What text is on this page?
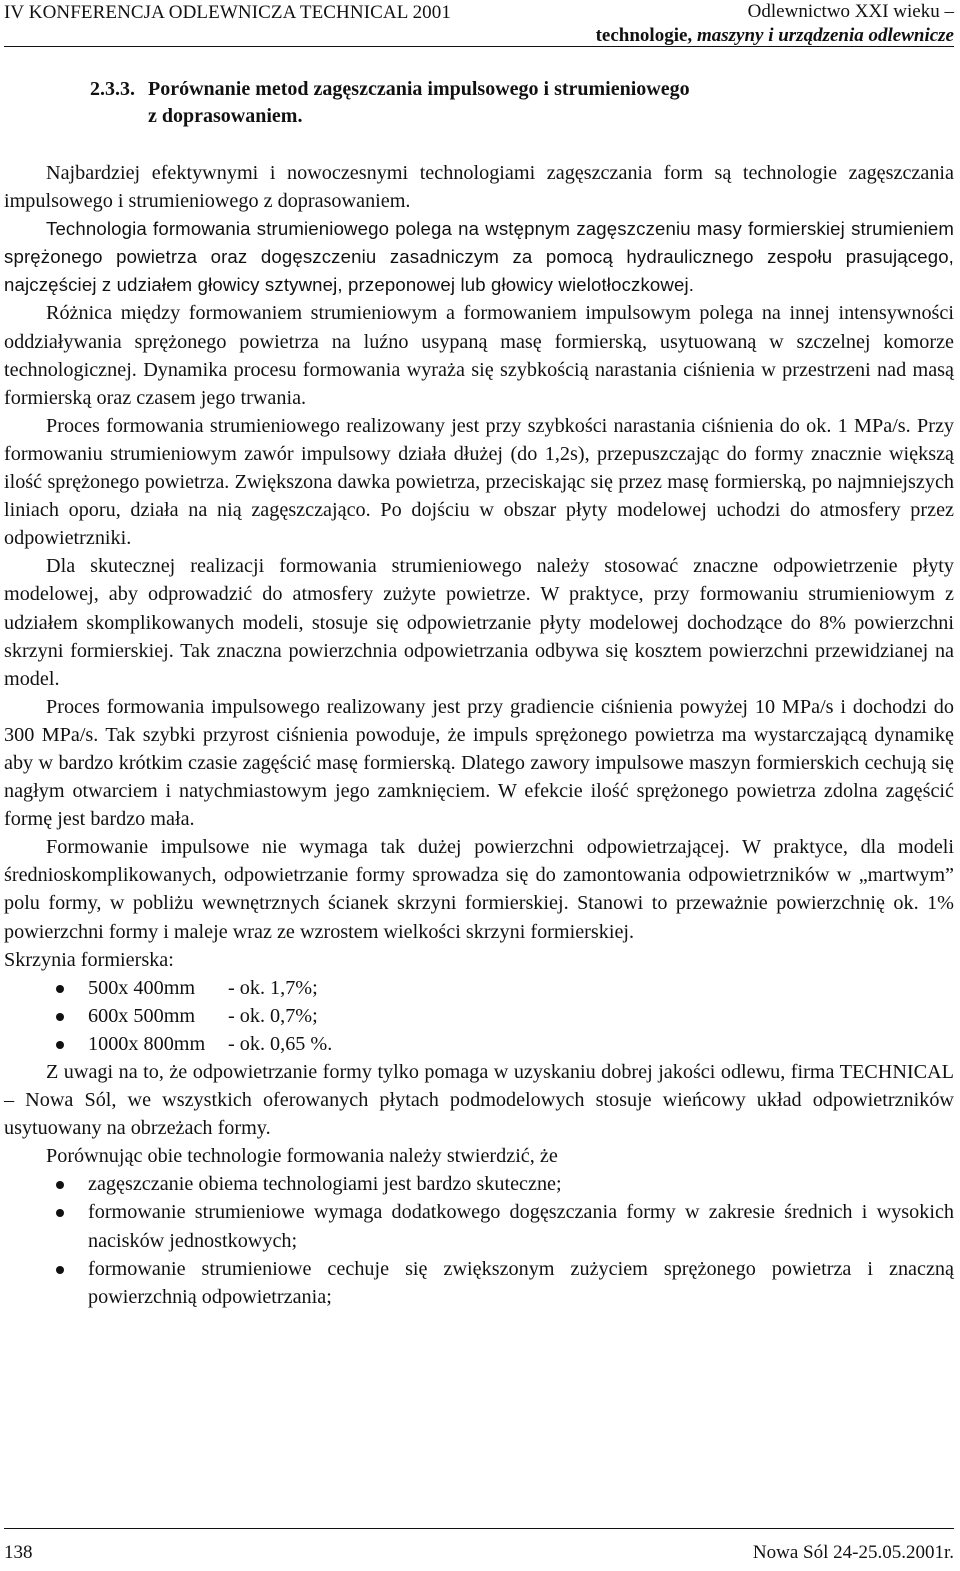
IV KONFERENCJA ODLEWNICZA TECHNICAL 2001	Odlewnictwo XXI wieku –
technologie, maszyny i urządzenia odlewnicze
2.3.3. Porównanie metod zagęszczania impulsowego i strumieniowego
z doprasowaniem.

Najbardziej efektywnymi i nowoczesnymi technologiami zagęszczania form są technologie zagęszczania impulsowego i strumieniowego z doprasowaniem.

Technologia formowania strumieniowego polega na wstępnym zagęszczeniu masy formierskiej strumieniem sprężonego powietrza oraz dogęszczeniu zasadniczym za pomocą hydraulicznego zespołu prasującego, najczęściej z udziałem głowicy sztywnej, przeponowej lub głowicy wielotłoczkowej.

Różnica między formowaniem strumieniowym a formowaniem impulsowym polega na innej intensywności oddziaływania sprężonego powietrza na luźno usypaną masę formierską, usytuowaną w szczelnej komorze technologicznej. Dynamika procesu formowania wyraża się szybkością narastania ciśnienia w przestrzeni nad masą formierską oraz czasem jego trwania.

Proces formowania strumieniowego realizowany jest przy szybkości narastania ciśnienia do ok. 1 MPa/s. Przy formowaniu strumieniowym zawór impulsowy działa dłużej (do 1,2s), przepuszczając do formy znacznie większą ilość sprężonego powietrza. Zwiększona dawka powietrza, przeciskając się przez masę formierską, po najmniejszych liniach oporu, działa na nią zagęszczająco. Po dojściu w obszar płyty modelowej uchodzi do atmosfery przez odpowietrzniki.

Dla skutecznej realizacji formowania strumieniowego należy stosować znaczne odpowietrzenie płyty modelowej, aby odprowadzić do atmosfery zużyte powietrze. W praktyce, przy formowaniu strumieniowym z udziałem skomplikowanych modeli, stosuje się odpowietrzanie płyty modelowej dochodzące do 8% powierzchni skrzyni formierskiej. Tak znaczna powierzchnia odpowietrzania odbywa się kosztem powierzchni przewidzianej na model.

Proces formowania impulsowego realizowany jest przy gradiencie ciśnienia powyżej 10 MPa/s i dochodzi do 300 MPa/s. Tak szybki przyrost ciśnienia powoduje, że impuls sprężonego powietrza ma wystarczającą dynamikę aby w bardzo krótkim czasie zagęścić masę formierską. Dlatego zawory impulsowe maszyn formierskich cechują się nagłym otwarciem i natychmiastowym jego zamknięciem. W efekcie ilość sprężonego powietrza zdolna zagęścić formę jest bardzo mała.

Formowanie impulsowe nie wymaga tak dużej powierzchni odpowietrzającej. W praktyce, dla modeli średnioskomplikowanych, odpowietrzanie formy sprowadza się do zamontowania odpowietrzników w „martwym” polu formy, w pobliżu wewnętrznych ścianek skrzyni formierskiej. Stanowi to przeważnie powierzchnię ok. 1% powierzchni formy i maleje wraz ze wzrostem wielkości skrzyni formierskiej.

Skrzynia formierska:

500x 400mm - ok. 1,7%;
600x 500mm - ok. 0,7%;
1000x 800mm - ok. 0,65 %.

Z uwagi na to, że odpowietrzanie formy tylko pomaga w uzyskaniu dobrej jakości odlewu, firma TECHNICAL – Nowa Sól, we wszystkich oferowanych płytach podmodelowych stosuje wieńcowy układ odpowietrzników usytuowany na obrzeżach formy.

Porównując obie technologie formowania należy stwierdzić, że

zagęszczanie obiema technologiami jest bardzo skuteczne;
formowanie strumieniowe wymaga dodatkowego dogęszczania formy w zakresie średnich i wysokich nacisków jednostkowych;
formowanie strumieniowe cechuje się zwiększonym zużyciem sprężonego powietrza i znaczną powierzchnią odpowietrzania;
138	Nowa Sól 24-25.05.2001r.
